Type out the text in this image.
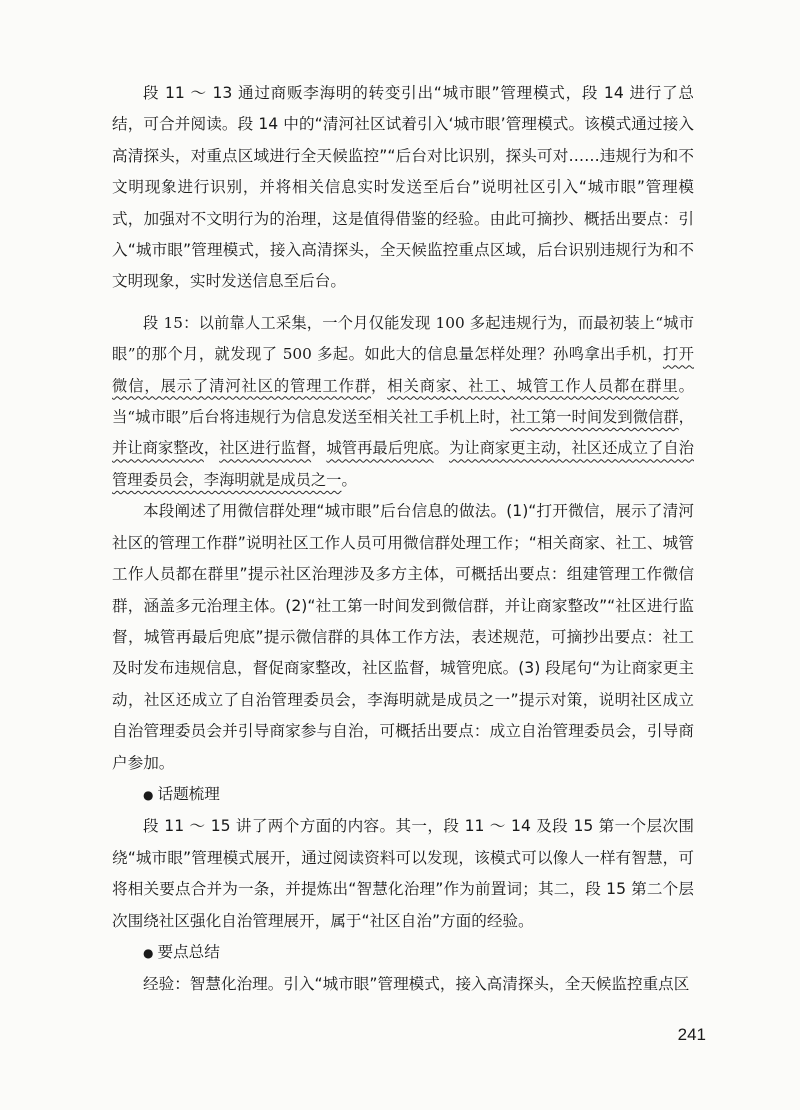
段 11 ～ 13 通过商贩李海明的转变引出“城市眼”管理模式，段 14 进行了总结，可合并阅读。段 14 中的“清河社区试着引入‘城市眼’管理模式。该模式通过接入高清探头，对重点区域进行全天候监控”“后台对比识别，探头可对……违规行为和不文明现象进行识别，并将相关信息实时发送至后台”说明社区引入“城市眼”管理模式，加强对不文明行为的治理，这是值得借鉴的经验。由此可摘抄、概括出要点：引入“城市眼”管理模式，接入高清探头，全天候监控重点区域，后台识别违规行为和不文明现象，实时发送信息至后台。

段 15：以前靠人工采集，一个月仅能发现 100 多起违规行为，而最初装上“城市眼”的那个月，就发现了 500 多起。如此大的信息量怎样处理？孙鸣拿出手机，打开微信，展示了清河社区的管理工作群，相关商家、社工、城管工作人员都在群里。当“城市眼”后台将违规行为信息发送至相关社工手机上时，社工第一时间发到微信群，并让商家整改，社区进行监督，城管再最后兜底。为让商家更主动，社区还成立了自治管理委员会，李海明就是成员之一。

本段阐述了用微信群处理“城市眼”后台信息的做法。(1)“打开微信，展示了清河社区的管理工作群”说明社区工作人员可用微信群处理工作；“相关商家、社工、城管工作人员都在群里”提示社区治理涉及多方主体，可概括出要点：组建管理工作微信群，涵盖多元治理主体。(2)“社工第一时间发到微信群，并让商家整改”“社区进行监督，城管再最后兜底”提示微信群的具体工作方法，表述规范，可摘抄出要点：社工及时发布违规信息，督促商家整改，社区监督，城管兜底。(3) 段尾句“为让商家更主动，社区还成立了自治管理委员会，李海明就是成员之一”提示对策，说明社区成立自治管理委员会并引导商家参与自治，可概括出要点：成立自治管理委员会，引导商户参加。

● 话题梳理

段 11 ～ 15 讲了两个方面的内容。其一，段 11 ～ 14 及段 15 第一个层次围绕“城市眼”管理模式展开，通过阅读资料可以发现，该模式可以像人一样有智慧，可将相关要点合并为一条，并提炼出“智慧化治理”作为前置词；其二，段 15 第二个层次围绕社区强化自治管理展开，属于“社区自治”方面的经验。

● 要点总结

经验：智慧化治理。引入“城市眼”管理模式，接入高清探头，全天候监控重点区

241
